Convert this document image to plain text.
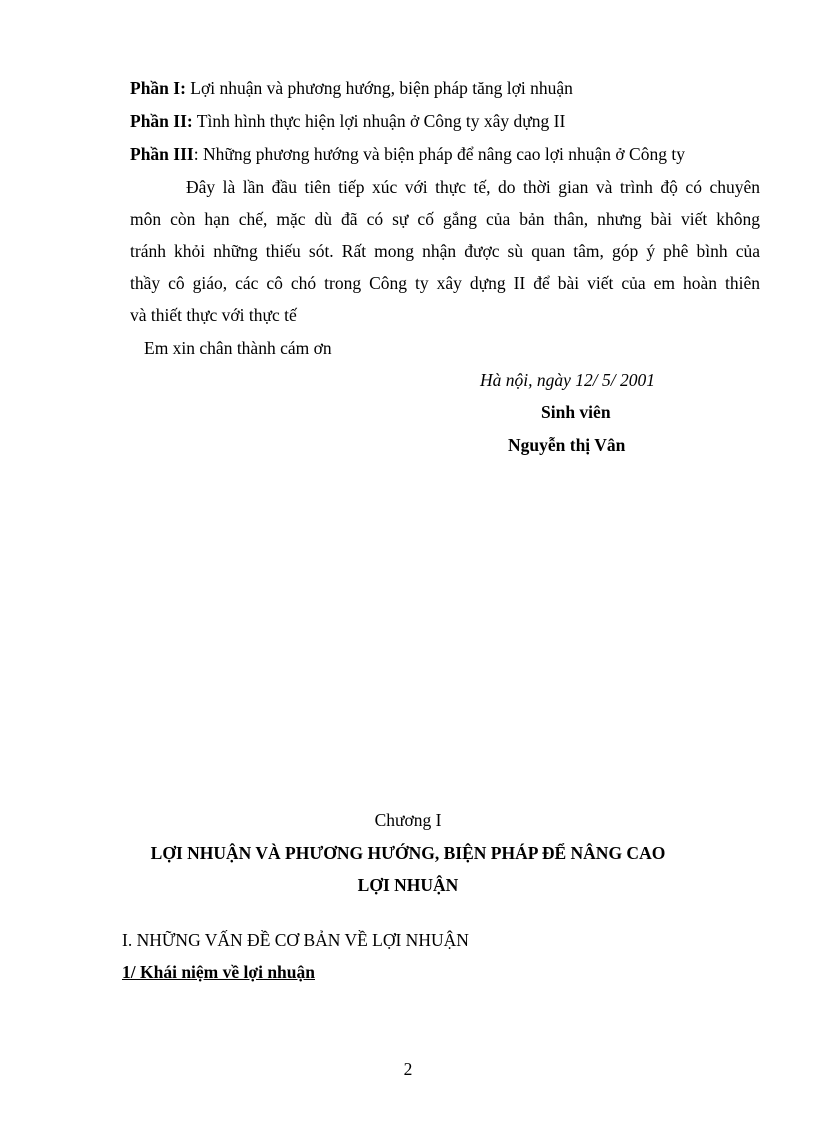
Phần I: Lợi nhuận và phương hướng, biện pháp tăng lợi nhuận
Phần II: Tình hình thực hiện lợi nhuận ở Công ty xây dựng II
Phần III: Những phương hướng và biện pháp để nâng cao lợi nhuận ở Công ty
Đây là lần đầu tiên tiếp xúc với thực tế, do thời gian và trình độ có chuyên
môn còn hạn chế, mặc dù đã có sự cố gắng của bản thân, nhưng bài viết không
tránh khỏi những thiếu sót. Rất mong nhận được sù quan tâm, góp ý phê bình của
thầy cô giáo, các cô chó trong Công ty xây dựng II để bài viết của em hoàn thiên
và thiết thực với thực tế
Em xin chân thành cám ơn
Hà nội, ngày 12/ 5/ 2001
Sinh viên
Nguyễn thị Vân
Chương I
LỢI NHUẬN VÀ PHƯƠNG HƯỚNG, BIỆN PHÁP ĐỂ NÂNG CAO
LỢI NHUẬN
I. NHỮNG VẤN ĐỀ CƠ BẢN VỀ LỢI NHUẬN
1/ Khái niệm về lợi nhuận
2
